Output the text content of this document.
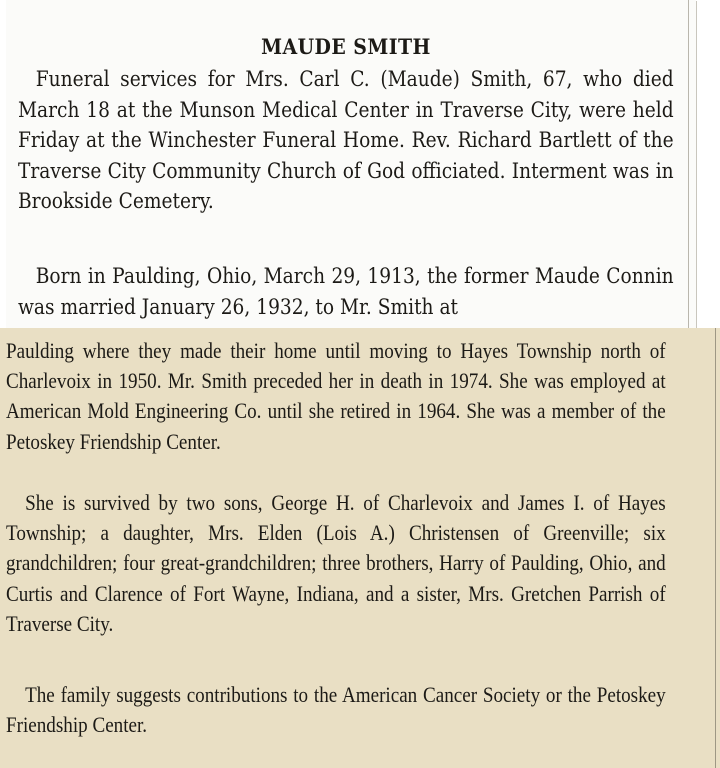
MAUDE SMITH

Funeral services for Mrs. Carl C. (Maude) Smith, 67, who died March 18 at the Munson Medical Center in Traverse City, were held Friday at the Winchester Funeral Home. Rev. Richard Bartlett of the Traverse City Community Church of God officiated. Interment was in Brookside Cemetery.

Born in Paulding, Ohio, March 29, 1913, the former Maude Connin was married January 26, 1932, to Mr. Smith at

Paulding where they made their home until moving to Hayes Township north of Charlevoix in 1950. Mr. Smith preceded her in death in 1974. She was employed at American Mold Engineering Co. until she retired in 1964. She was a member of the Petoskey Friendship Center.

She is survived by two sons, George H. of Charlevoix and James I. of Hayes Township; a daughter, Mrs. Elden (Lois A.) Christensen of Greenville; six grandchildren; four great-grandchildren; three brothers, Harry of Paulding, Ohio, and Curtis and Clarence of Fort Wayne, Indiana, and a sister, Mrs. Gretchen Parrish of Traverse City.

The family suggests contributions to the American Cancer Society or the Petoskey Friendship Center.
